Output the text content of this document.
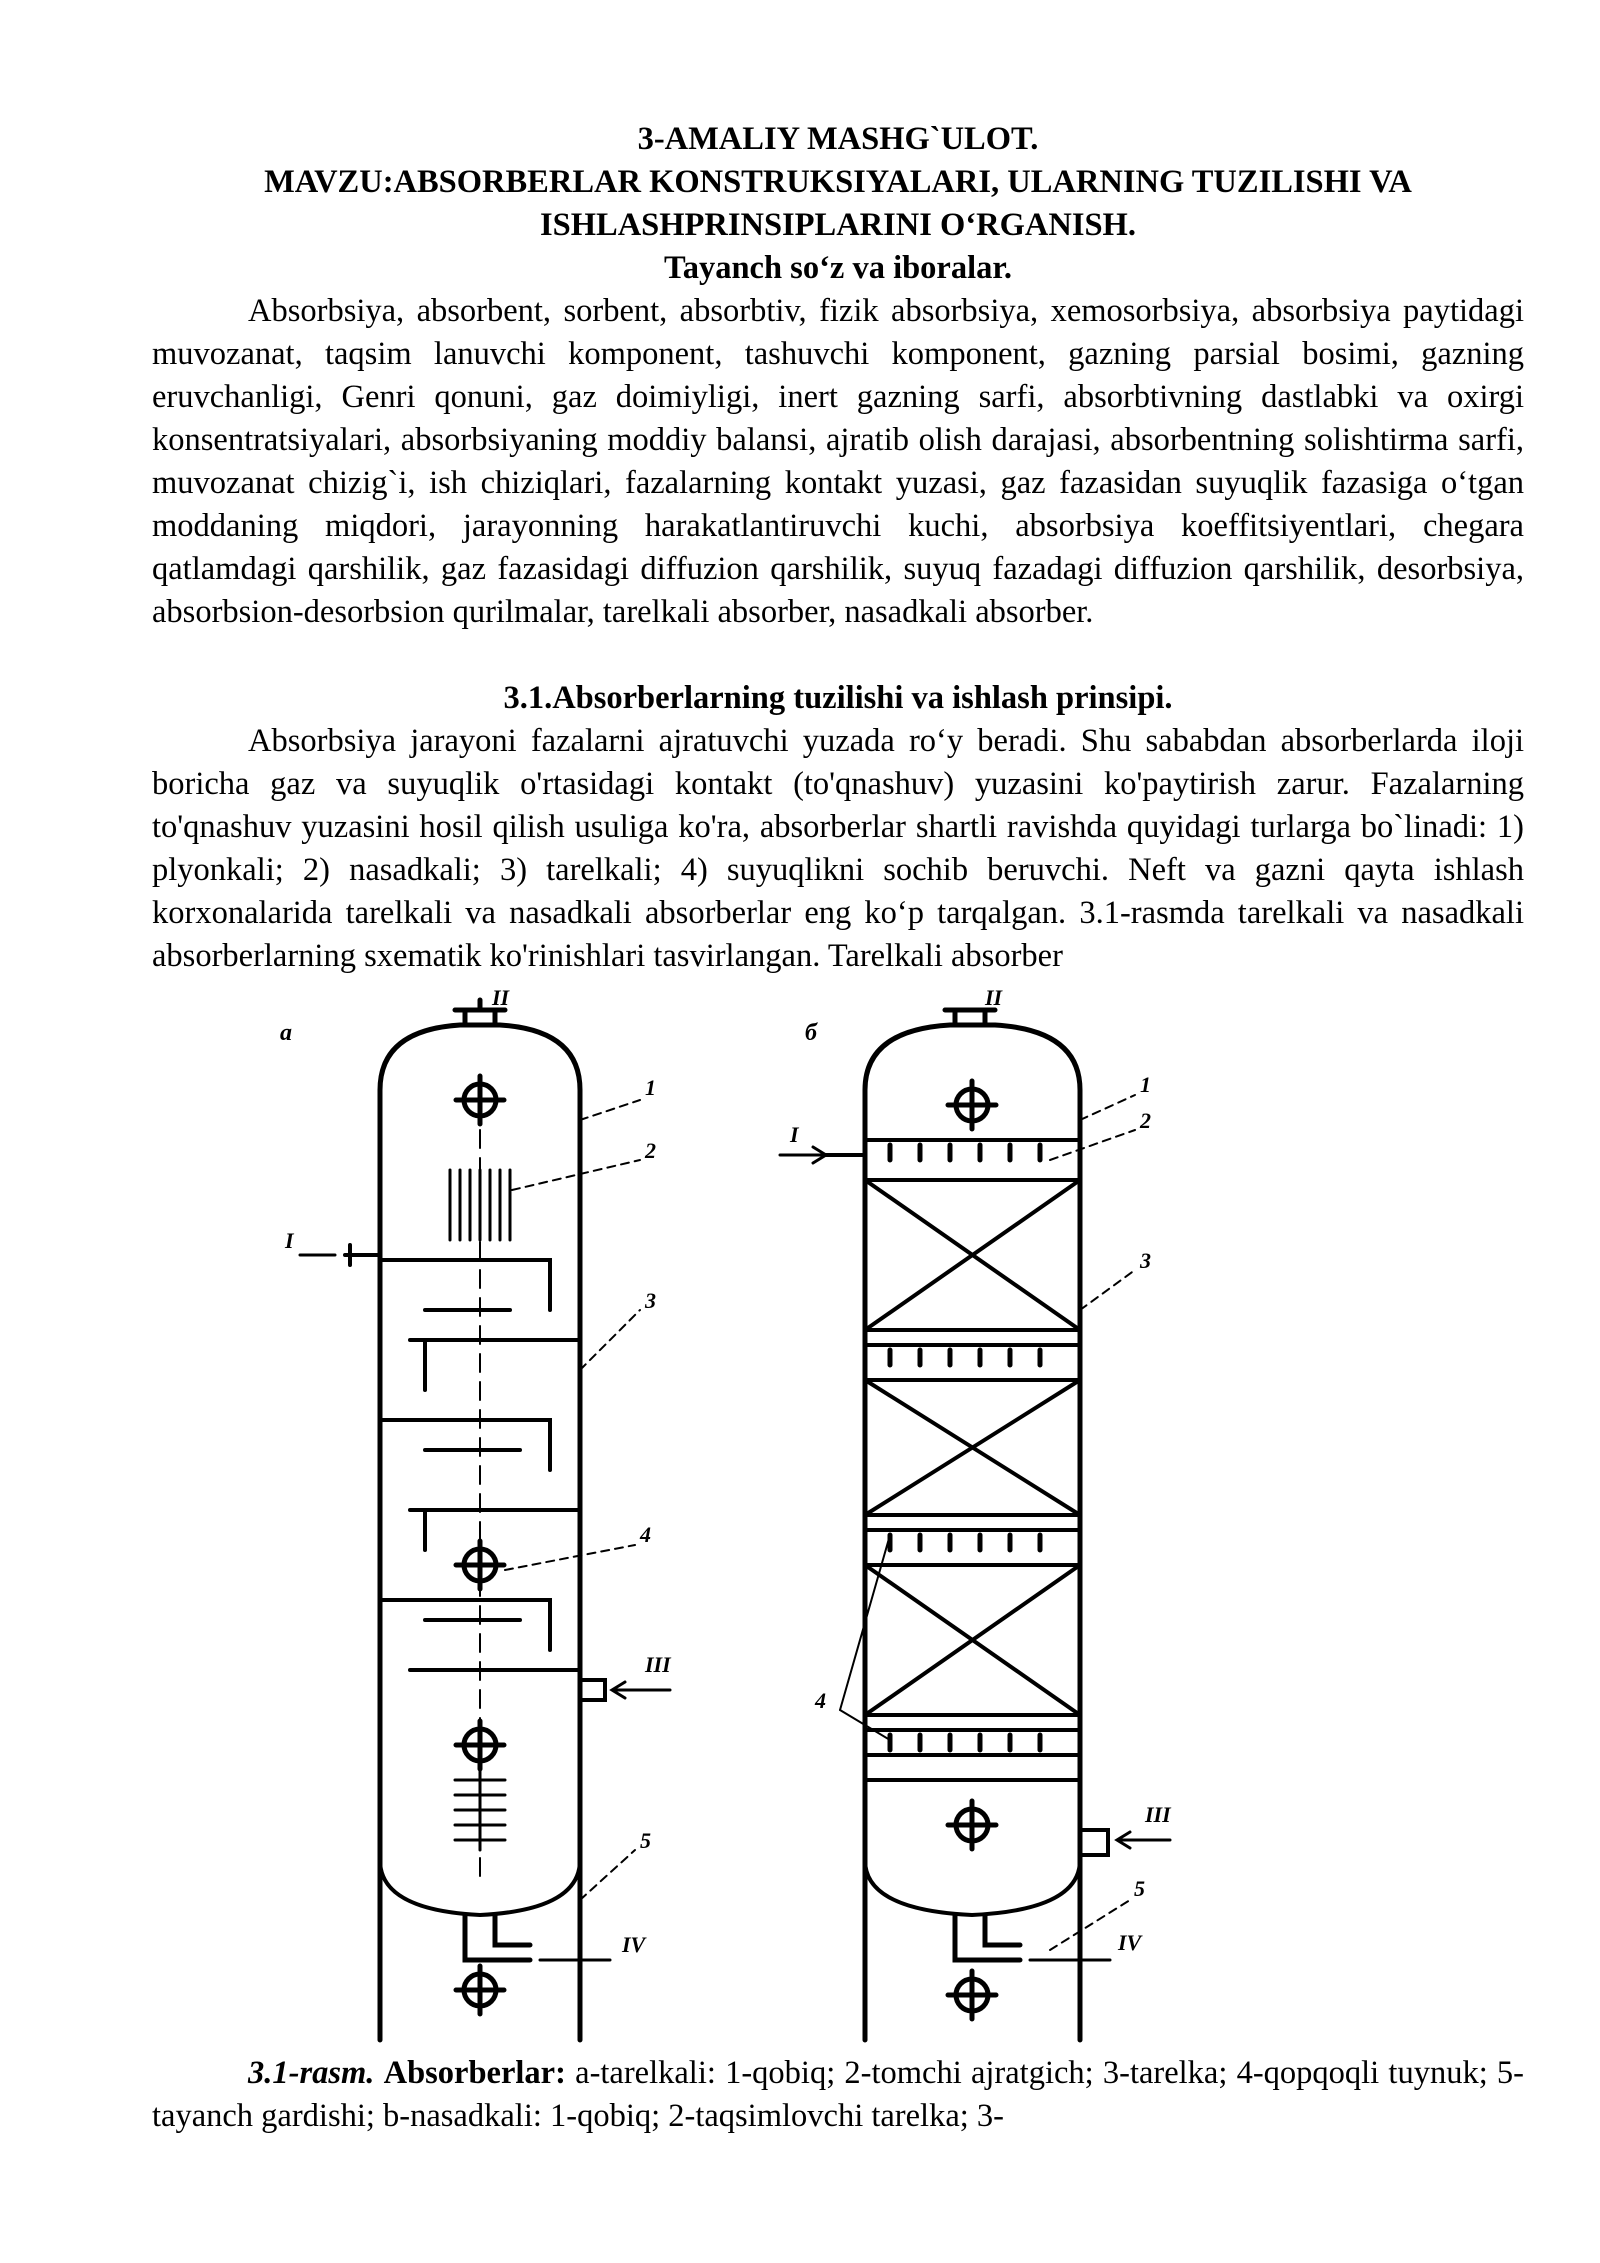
3-AMALIY MASHG`ULOT.
MAVZU:ABSORBERLAR KONSTRUKSIYALARI, ULARNING TUZILISHI VA
ISHLASHPRINSIPLARINI O‘RGANISH.
Tayanch so‘z va iboralar.

Absorbsiya, absorbent, sorbent, absorbtiv, fizik absorbsiya, xemosorbsiya, absorbsiya paytidagi muvozanat, taqsim lanuvchi komponent, tashuvchi komponent, gazning parsial bosimi, gazning eruvchanligi, Genri qonuni, gaz doimiyligi, inert gazning sarfi, absorbtivning dastlabki va oxirgi konsentratsiyalari, absorbsiyaning moddiy balansi, ajratib olish darajasi, absorbentning solishtirma sarfi, muvozanat chizig`i, ish chiziqlari, fazalarning kontakt yuzasi, gaz fazasidan suyuqlik fazasiga o‘tgan moddaning miqdori, jarayonning harakatlantiruvchi kuchi, absorbsiya koeffitsiyentlari, chegara qatlamdagi qarshilik, gaz fazasidagi diffuzion qarshilik, suyuq fazadagi diffuzion qarshilik, desorbsiya, absorbsion-desorbsion qurilmalar, tarelkali absorber, nasadkali absorber.

3.1.Absorberlarning tuzilishi va ishlash prinsipi.

Absorbsiya jarayoni fazalarni ajratuvchi yuzada ro‘y beradi. Shu sababdan absorberlarda iloji boricha gaz va suyuqlik o'rtasidagi kontakt (to'qnashuv) yuzasini ko'paytirish zarur. Fazalarning to'qnashuv yuzasini hosil qilish usuliga ko'ra, absorberlar shartli ravishda quyidagi turlarga bo`linadi: 1) plyonkali; 2) nasadkali; 3) tarelkali; 4) suyuqlikni sochib beruvchi. Neft va gazni qayta ishlash korxonalarida tarelkali va nasadkali absorberlar eng ko‘p tarqalgan. 3.1-rasmda tarelkali va nasadkali absorberlarning sxematik ko'rinishlari tasvirlangan. Tarelkali absorber

a	б
II
I
III
IV
1
2
3
4
5
II
I
III
IV
1
2
3
4
5

3.1-rasm. Absorberlar: a-tarelkali: 1-qobiq; 2-tomchi ajratgich; 3-tarelka; 4-qopqoqli tuynuk; 5-tayanch gardishi; b-nasadkali: 1-qobiq; 2-taqsimlovchi tarelka; 3-
